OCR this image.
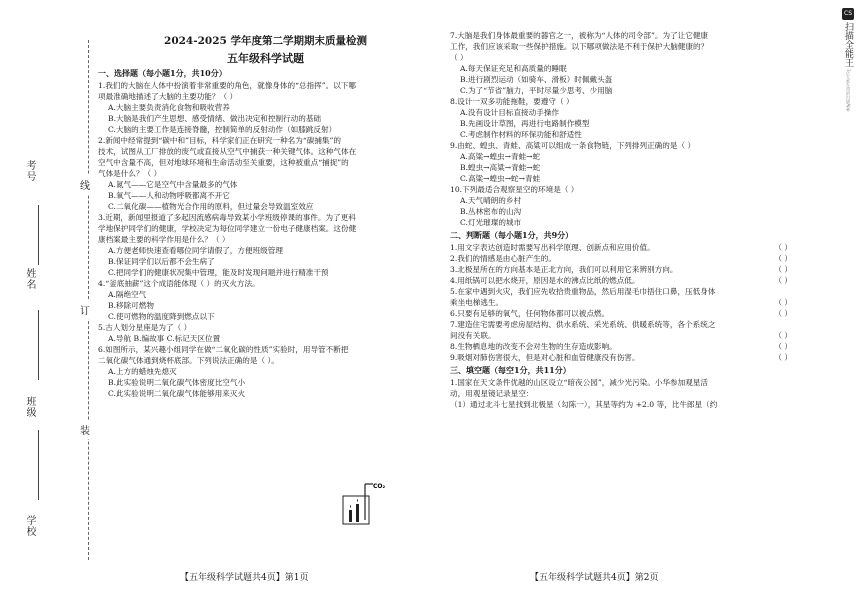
考号
姓名
班级
学校
线
订
装
2024-2025 学年度第二学期期末质量检测
五年级科学试题

一、选择题（每小题1分，共10分）

1.我们的大脑在人体中扮演着非常重要的角色，就像身体的“总指挥”。以下哪

项最准确地描述了大脑的主要功能？（ ）

A.大脑主要负责消化食物和吸收营养

B.大脑是我们产生思想、感受情绪、做出决定和控制行动的基础

C.大脑的主要工作是连接脊髓，控制简单的反射动作（如膝跳反射）

2.新闻中经常提到“碳中和”目标，科学家们正在研究一种名为“碳捕集”的

技术，试图从工厂排放的废气或直接从空气中捕获一种关键气体。这种气体在

空气中含量不高，但对地球环境和生命活动至关重要，这种被重点“捕捉”的

气体是什么？（ ）

A.氮气——它是空气中含量最多的气体

B.氧气——人和动物呼吸都离不开它

C.二氧化碳——植物光合作用的原料，但过量会导致温室效应

3.近期，新闻里报道了多起因流感病毒导致某小学班级停课的事件。为了更科

学地保护同学们的健康，学校决定为每位同学建立一份电子健康档案。这份健

康档案最主要的科学作用是什么？（ ）

A.方便老师快速查看哪位同学请假了，方便班级管理

B.保证同学们以后都不会生病了

C.把同学们的健康状况集中管理，能及时发现问题并进行精准干预

4.“釜底抽薪”这个成语能体现（ ）的灭火方法。

A.隔绝空气

B.移除可燃物

C.使可燃物的温度降到燃点以下

5.古人划分星座是为了（ ）

A.导航 B.编故事 C.标记天区位置

6.如图所示，某兴趣小组同学在做“二氧化碳的性质”实验时，用导管不断把

二氧化碳气体通到烧杯底部。下列说法正确的是（ ）。

A.上方的蜡烛先熄灭

B.此实验说明二氧化碳气体密度比空气小

C.此实验说明二氧化碳气体能够用来灭火

CO₂

7.大脑是我们身体最重要的器官之一，被称为“人体的司令部”。为了让它健康

工作，我们应该采取一些保护措施。以下哪项做法是不利于保护大脑健康的？

（ ）

A.每天保证充足和高质量的睡眠

B.进行剧烈运动（如骑车、滑板）时佩戴头盔

C.为了“节省”脑力，平时尽量少思考、少用脑

8.设计一双多功能拖鞋，要遵守（ ）

A.没有设计目标直接动手操作

B.先画设计草图，再进行电路制作模型

C.考虑制作材料的环保功能和舒适性

9.由蛇、蝗虫、青蛙、高粱可以组成一条食物链，下列排列正确的是（ ）

A.高粱→蝗虫→青蛙→蛇

B.蝗虫→高粱→青蛙→蛇

C.高粱→蝗虫→蛇→青蛙

10.下列最适合观察星空的环境是（ ）

A.天气晴朗的乡村

B.丛林密布的山沟

C.灯光璀璨的城市

二、判断题（每小题1分，共9分）

1.用文字表达创造时需要写出科学原理、创新点和应用价值。	（ ）

2.我们的情感是由心脏产生的。	（ ）

3.北极星所在的方向基本是正北方向，我们可以利用它来辨别方向。	（ ）

4.用纸锅可以把水烧开，原因是水的沸点比纸的燃点低。	（ ）

5.在家中遇到火灾，我们应先收拾贵重物品，然后用湿毛巾捂住口鼻，压低身体

乘坐电梯逃生。	（ ）

6.只要有足够的氧气，任何物体都可以被点燃。	（ ）

7.建造住宅需要考虑房屋结构、供水系统、采光系统、供暖系统等，各个系统之

间没有关联。	（ ）

8.生物栖息地的改变不会对生物的生存造成影响。	（ ）

9.吸烟对肺伤害很大，但是对心脏和血管健康没有伤害。	（ ）

三、填空题（每空1分，共11分）

1.国家在天文条件优越的山区设立“暗夜公园”，减少光污染。小华参加观星活

动，用观星镜记录星空：

（1）通过北斗七星找到北极星（勾陈一），其星等约为 +2.0 等，比牛郎星（约

【五年级科学试题共4页】第1页	【五年级科学试题共4页】第2页
CS
扫描全能王
3亿人都在用的扫描App
